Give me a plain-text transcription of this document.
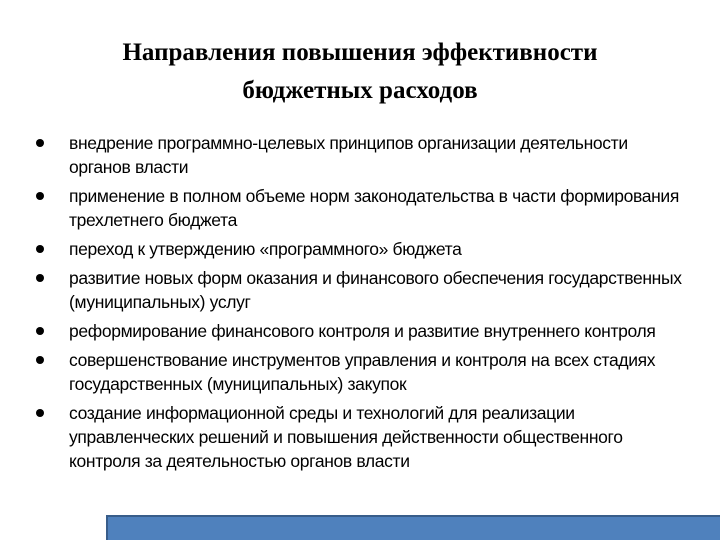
Направления повышения эффективности
бюджетных расходов
внедрение программно-целевых принципов организации деятельности органов власти
применение в полном объеме норм законодательства в части формирования трехлетнего бюджета
переход к утверждению «программного» бюджета
развитие новых форм оказания и финансового обеспечения государственных (муниципальных) услуг
реформирование финансового контроля и развитие внутреннего контроля
совершенствование инструментов управления и контроля на всех стадиях государственных (муниципальных) закупок
создание информационной среды и технологий для реализации управленческих решений и повышения действенности общественного контроля за деятельностью органов власти
